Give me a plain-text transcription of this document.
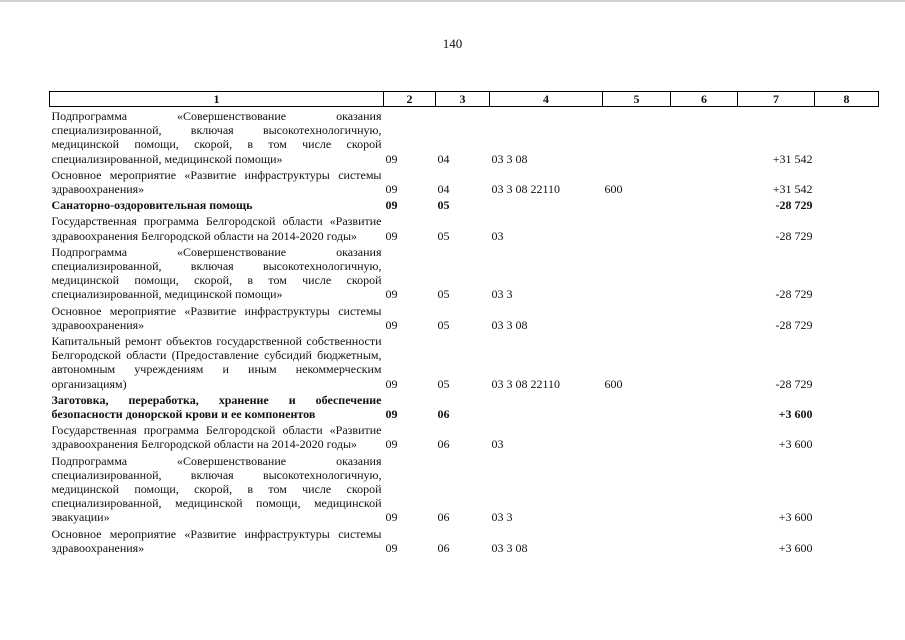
140
1	2	3	4	5	6	7	8
Подпрограмма «Совершенствование оказания специализированной, включая высокотехнологичную, медицинской помощи, скорой, в том числе скорой специализированной, медицинской помощи»	09	04	03 3 08			+31 542	
Основное мероприятие «Развитие инфраструктуры системы здравоохранения»	09	04	03 3 08 22110	600		+31 542	
Санаторно-оздоровительная помощь	09	05				-28 729	
Государственная программа Белгородской области «Развитие здравоохранения Белгородской области на 2014-2020 годы»	09	05	03			-28 729	
Подпрограмма «Совершенствование оказания специализированной, включая высокотехнологичную, медицинской помощи, скорой, в том числе скорой специализированной, медицинской помощи»	09	05	03 3			-28 729	
Основное мероприятие «Развитие инфраструктуры системы здравоохранения»	09	05	03 3 08			-28 729	
Капитальный ремонт объектов государственной собственности Белгородской области (Предоставление субсидий бюджетным, автономным учреждениям и иным некоммерческим организациям)	09	05	03 3 08 22110	600		-28 729	
Заготовка, переработка, хранение и обеспечение безопасности донорской крови и ее компонентов	09	06				+3 600	
Государственная программа Белгородской области «Развитие здравоохранения Белгородской области на 2014-2020 годы»	09	06	03			+3 600	
Подпрограмма «Совершенствование оказания специализированной, включая высокотехнологичную, медицинской помощи, скорой, в том числе скорой специализированной, медицинской помощи, медицинской эвакуации»	09	06	03 3			+3 600	
Основное мероприятие «Развитие инфраструктуры системы здравоохранения»	09	06	03 3 08			+3 600	
